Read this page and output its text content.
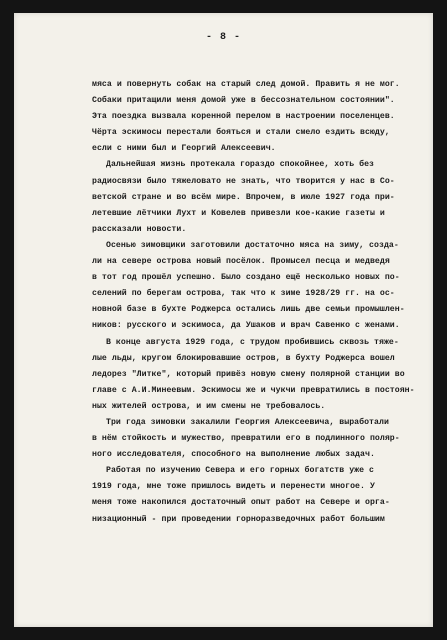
- 8 -
мяса и повернуть собак на старый след домой. Править я не мог.
Собаки притащили меня домой уже в бессознательном состоянии".
Эта поездка вызвала коренной перелом в настроении поселенцев.
Чёрта эскимосы перестали бояться и стали смело ездить всюду,
если с ними был и Георгий Алексеевич.
Дальнейшая жизнь протекала гораздо спокойнее, хоть без
радиосвязи было тяжеловато не знать, что творится у нас в Со-
ветской стране и во всём мире. Впрочем, в июле 1927 года при-
летевшие лётчики Лухт и Ковелев привезли кое-какие газеты и
рассказали новости.
Осенью зимовщики заготовили достаточно мяса на зиму, созда-
ли на севере острова новый посёлок. Промысел песца и медведя
в тот год прошёл успешно. Было создано ещё несколько новых по-
селений по берегам острова, так что к зиме 1928/29 гг. на ос-
новной базе в бухте Роджерса остались лишь две семьи промышлен-
ников: русского и эскимоса, да Ушаков и врач Савенко с женами.
В конце августа 1929 года, с трудом пробившись сквозь тяже-
лые льды, кругом блокировавшие остров, в бухту Роджерса вошел
ледорез "Литке", который привёз новую смену полярной станции во
главе с А.И.Минеевым. Эскимосы же и чукчи превратились в постоян-
ных жителей острова, и им смены не требовалось.
Три года зимовки закалили Георгия Алексеевича, выработали
в нём стойкость и мужество, превратили его в подлинного поляр-
ного исследователя, способного на выполнение любых задач.
Работая по изучению Севера и его горных богатств уже с
1919 года, мне тоже пришлось видеть и перенести многое. У
меня тоже накопился достаточный опыт работ на Севере и орга-
низационный - при проведении горноразведочных работ большим
